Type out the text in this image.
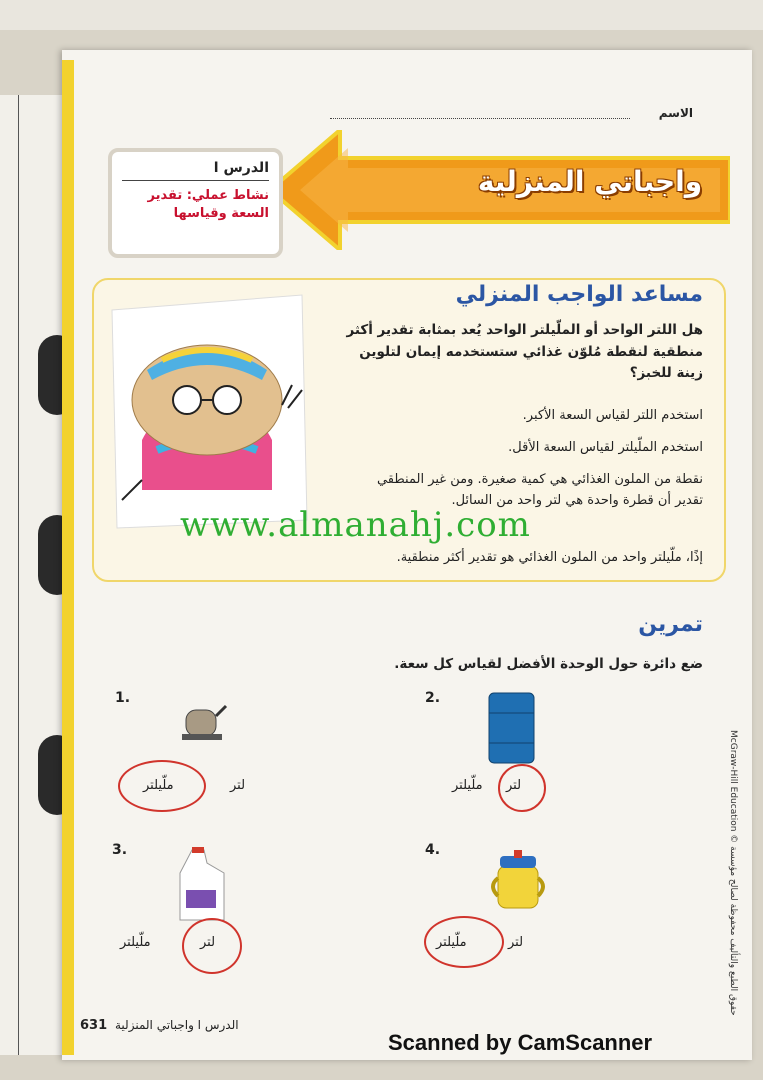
الاسم
واجباتي المنزلية
الدرس ا
نشاط عملي: تقدير السعة وقياسها
مساعد الواجب المنزلي
هل اللتر الواحد أو الملّيلتر الواحد يُعد بمثابة تقدير أكثر منطقية لنقطة مُلوّن غذائي ستستخدمه إيمان لتلوين زينة للخبز؟
استخدم اللتر لقياس السعة الأكبر.
استخدم الملّيلتر لقياس السعة الأقل.
نقطة من الملون الغذائي هي كمية صغيرة. ومن غير المنطقي تقدير أن قطرة واحدة هي لتر واحد من السائل.
إذًا، ملّيلتر واحد من الملون الغذائي هو تقدير أكثر منطقية.
www.almanahj.com
تمرين
ضع دائرة حول الوحدة الأفضل لقياس كل سعة.
1.
ملّيلتر	لتر
2.
ملّيلتر لتر
3.
ملّيلتر	لتر
4.
ملّيلتر	لتر
631 الدرس ا واجباتي المنزلية
McGraw-Hill Education © حقوق الطبع والتأليف محفوظة لصالح مؤسسة
Scanned by CamScanner
